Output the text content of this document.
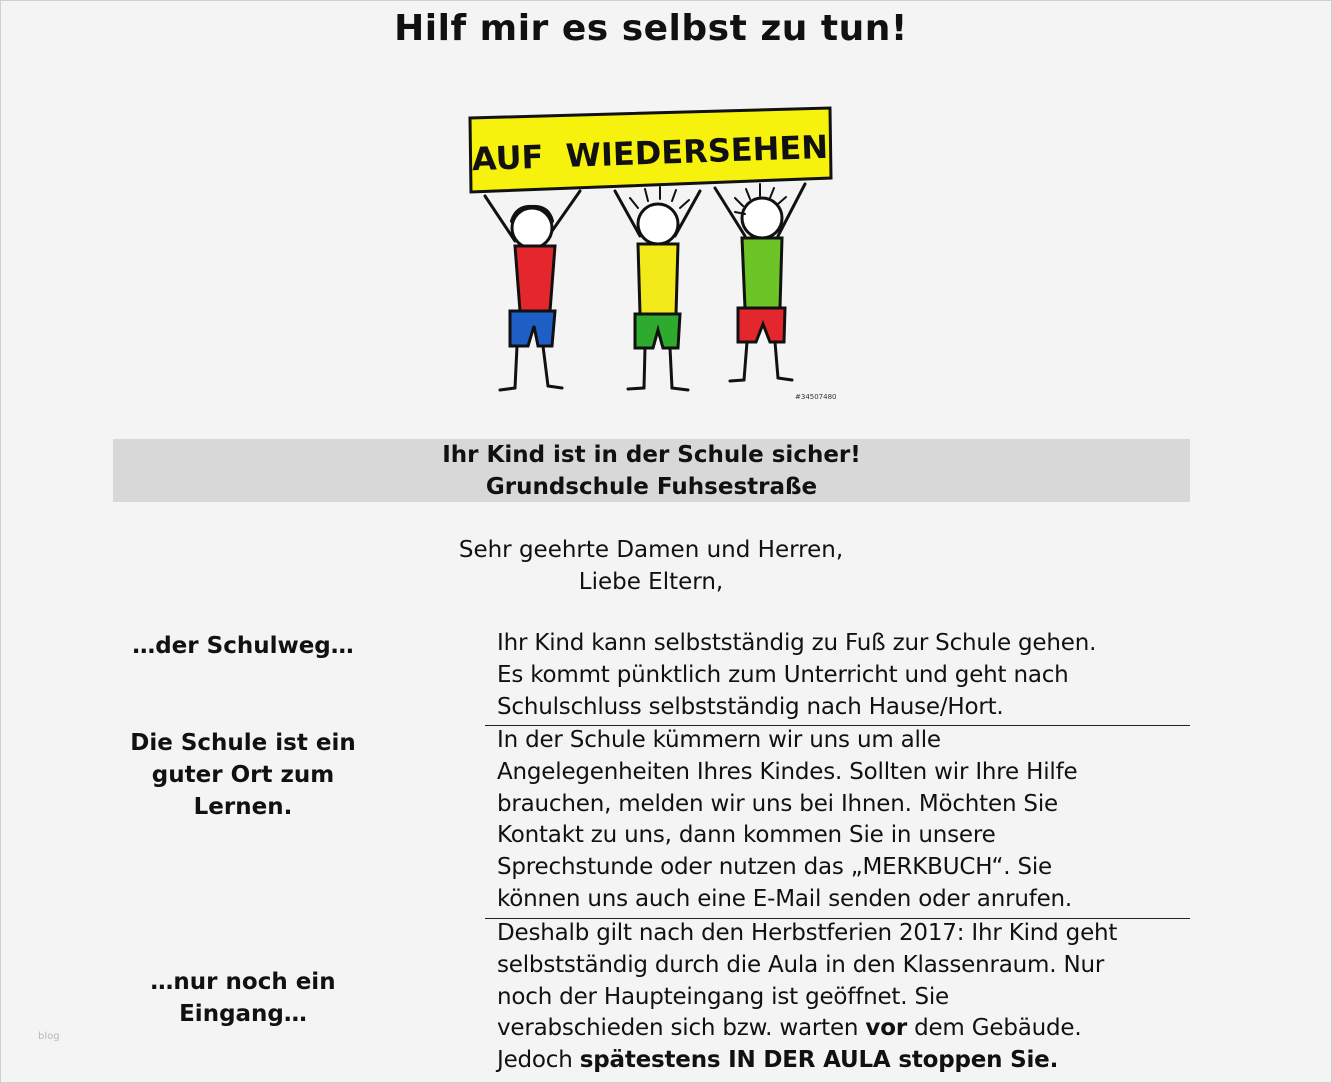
Hilf mir es selbst zu tun!
AUF  WIEDERSEHEN
#34507480
Ihr Kind ist in der Schule sicher!
Grundschule Fuhsestraße
Sehr geehrte Damen und Herren,
Liebe Eltern,
…der Schulweg…	Ihr Kind kann selbstständig zu Fuß zur Schule gehen.
Es kommt pünktlich zum Unterricht und geht nach
Schulschluss selbstständig nach Hause/Hort.
Die Schule ist ein guter Ort zum Lernen.
In der Schule kümmern wir uns um alle
Angelegenheiten Ihres Kindes. Sollten wir Ihre Hilfe
brauchen, melden wir uns bei Ihnen. Möchten Sie
Kontakt zu uns, dann kommen Sie in unsere
Sprechstunde oder nutzen das „MERKBUCH“. Sie
können uns auch eine E-Mail senden oder anrufen.
…nur noch ein Eingang…
Deshalb gilt nach den Herbstferien 2017: Ihr Kind geht
selbstständig durch die Aula in den Klassenraum. Nur
noch der Haupteingang ist geöffnet. Sie
verabschieden sich bzw. warten vor dem Gebäude.
Jedoch spätestens IN DER AULA stoppen Sie.
blog
